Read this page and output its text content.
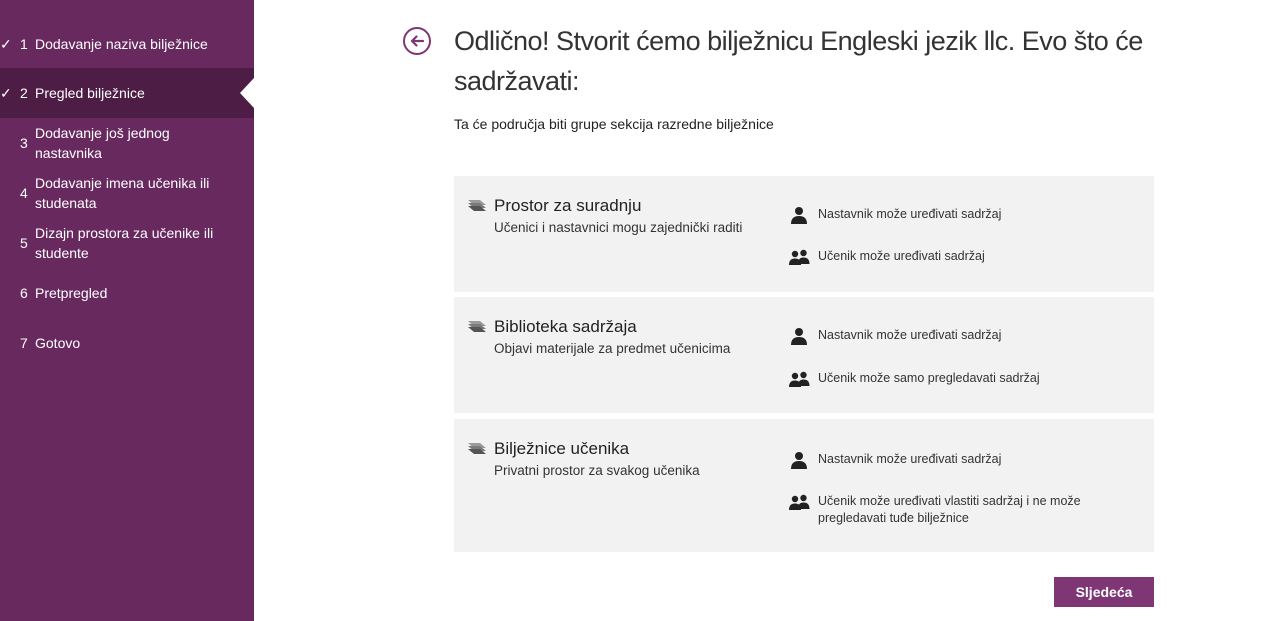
✓ 1 Dodavanje naziva bilježnice
✓ 2 Pregled bilježnice
3
Dodavanje još jednog nastavnika
4
Dodavanje imena učenika ili studenata
5
Dizajn prostora za učenike ili studente
6 Pretpregled
7 Gotovo
Odlično! Stvorit ćemo bilježnicu Engleski jezik llc. Evo što će sadržavati:

Ta će područja biti grupe sekcija razredne bilježnice

Prostor za suradnju
Učenici i nastavnici mogu zajednički raditi
Nastavnik može uređivati sadržaj
Učenik može uređivati sadržaj
Biblioteka sadržaja
Objavi materijale za predmet učenicima
Nastavnik može uređivati sadržaj
Učenik može samo pregledavati sadržaj
Bilježnice učenika
Privatni prostor za svakog učenika
Nastavnik može uređivati sadržaj
Učenik može uređivati vlastiti sadržaj i ne može pregledavati tuđe bilježnice
Sljedeća
